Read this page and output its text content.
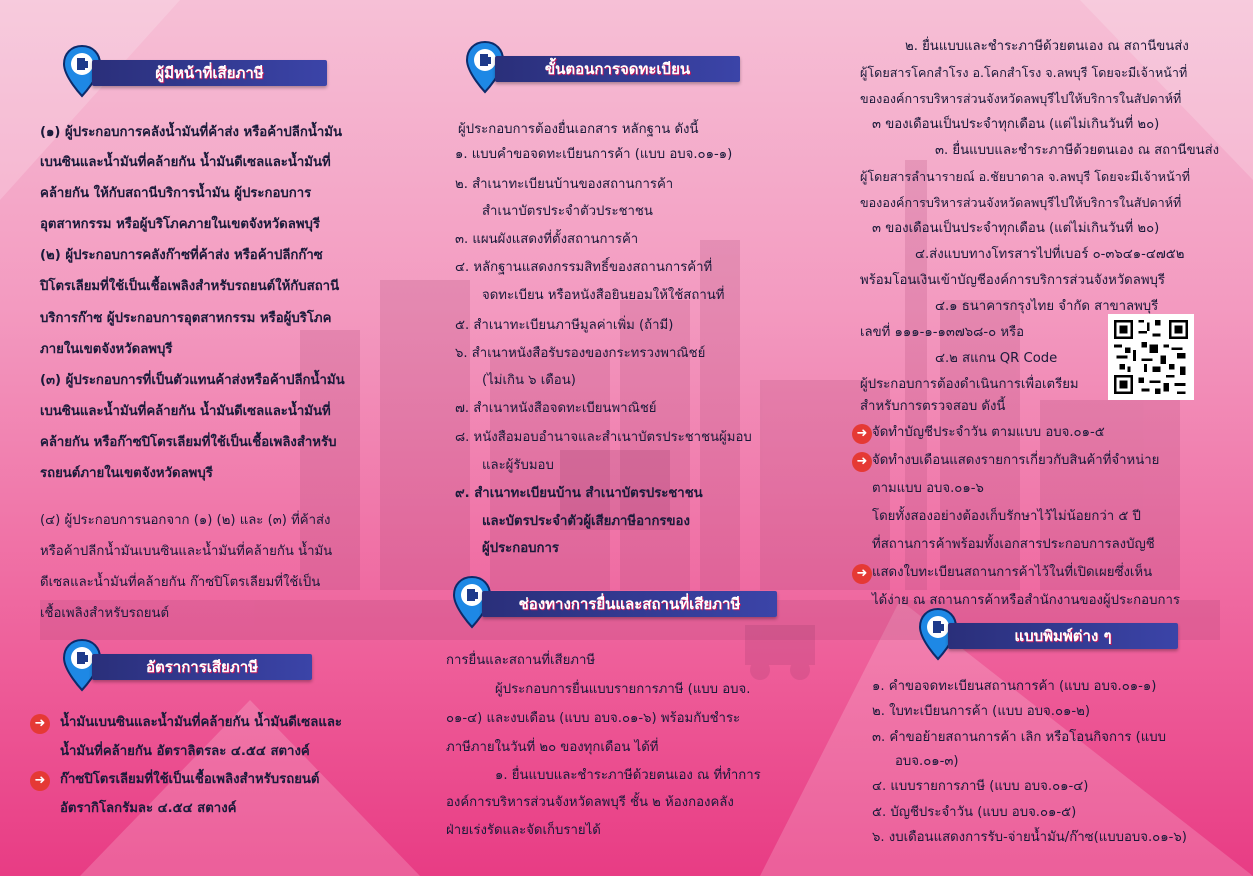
ผู้มีหน้าที่เสียภาษี
(๑) ผู้ประกอบการคลังน้ำมันที่ค้าส่ง หรือค้าปลีกน้ำมัน
เบนซินและน้ำมันที่คล้ายกัน น้ำมันดีเซลและน้ำมันที่
คล้ายกัน ให้กับสถานีบริการน้ำมัน ผู้ประกอบการ
อุตสาหกรรม หรือผู้บริโภคภายในเขตจังหวัดลพบุรี
(๒) ผู้ประกอบการคลังก๊าซที่ค้าส่ง หรือค้าปลีกก๊าซ
ปิโตรเลียมที่ใช้เป็นเชื้อเพลิงสำหรับรถยนต์ให้กับสถานี
บริการก๊าซ ผู้ประกอบการอุตสาหกรรม หรือผู้บริโภค
ภายในเขตจังหวัดลพบุรี
(๓) ผู้ประกอบการที่เป็นตัวแทนค้าส่งหรือค้าปลีกน้ำมัน
เบนซินและน้ำมันที่คล้ายกัน น้ำมันดีเซลและน้ำมันที่
คล้ายกัน หรือก๊าซปิโตรเลียมที่ใช้เป็นเชื้อเพลิงสำหรับ
รถยนต์ภายในเขตจังหวัดลพบุรี
(๔) ผู้ประกอบการนอกจาก (๑) (๒) และ (๓) ที่ค้าส่ง
หรือค้าปลีกน้ำมันเบนซินและน้ำมันที่คล้ายกัน น้ำมัน
ดีเซลและน้ำมันที่คล้ายกัน ก๊าซปิโตรเลียมที่ใช้เป็น
เชื้อเพลิงสำหรับรถยนต์
อัตราการเสียภาษี
➜	น้ำมันเบนซินและน้ำมันที่คล้ายกัน น้ำมันดีเซลและ
น้ำมันที่คล้ายกัน อัตราลิตรละ ๔.๕๔ สตางค์
➜	ก๊าซปิโตรเลียมที่ใช้เป็นเชื้อเพลิงสำหรับรถยนต์
อัตรากิโลกรัมละ ๔.๕๔ สตางค์
ขั้นตอนการจดทะเบียน
ผู้ประกอบการต้องยื่นเอกสาร หลักฐาน ดังนี้
๑. แบบคำขอจดทะเบียนการค้า (แบบ อบจ.๐๑-๑)
๒. สำเนาทะเบียนบ้านของสถานการค้า
สำเนาบัตรประจำตัวประชาชน
๓. แผนผังแสดงที่ตั้งสถานการค้า
๔. หลักฐานแสดงกรรมสิทธิ์ของสถานการค้าที่
จดทะเบียน หรือหนังสือยินยอมให้ใช้สถานที่
๕. สำเนาทะเบียนภาษีมูลค่าเพิ่ม (ถ้ามี)
๖. สำเนาหนังสือรับรองของกระทรวงพาณิชย์
(ไม่เกิน ๖ เดือน)
๗. สำเนาหนังสือจดทะเบียนพาณิชย์
๘. หนังสือมอบอำนาจและสำเนาบัตรประชาชนผู้มอบ
และผู้รับมอบ
๙. สำเนาทะเบียนบ้าน สำเนาบัตรประชาชน
และบัตรประจำตัวผู้เสียภาษีอากรของ
ผู้ประกอบการ
ช่องทางการยื่นและสถานที่เสียภาษี
การยื่นและสถานที่เสียภาษี
ผู้ประกอบการยื่นแบบรายการภาษี (แบบ อบจ.
๐๑-๔) และงบเดือน (แบบ อบจ.๐๑-๖) พร้อมกับชำระ
ภาษีภายในวันที่ ๒๐ ของทุกเดือน ได้ที่
๑. ยื่นแบบและชำระภาษีด้วยตนเอง ณ ที่ทำการ
องค์การบริหารส่วนจังหวัดลพบุรี ชั้น ๒ ห้องกองคลัง
ฝ่ายเร่งรัดและจัดเก็บรายได้
๒. ยื่นแบบและชำระภาษีด้วยตนเอง ณ สถานีขนส่ง
ผู้โดยสารโคกสำโรง อ.โคกสำโรง จ.ลพบุรี โดยจะมีเจ้าหน้าที่
ขององค์การบริหารส่วนจังหวัดลพบุรีไปให้บริการในสัปดาห์ที่
๓ ของเดือนเป็นประจำทุกเดือน (แต่ไม่เกินวันที่ ๒๐)
๓. ยื่นแบบและชำระภาษีด้วยตนเอง ณ สถานีขนส่ง
ผู้โดยสารลำนารายณ์ อ.ชัยบาดาล จ.ลพบุรี โดยจะมีเจ้าหน้าที่
ขององค์การบริหารส่วนจังหวัดลพบุรีไปให้บริการในสัปดาห์ที่
๓ ของเดือนเป็นประจำทุกเดือน (แต่ไม่เกินวันที่ ๒๐)
๔.ส่งแบบทางโทรสารไปที่เบอร์ ๐-๓๖๔๑-๔๗๕๒
พร้อมโอนเงินเข้าบัญชีองค์การบริการส่วนจังหวัดลพบุรี
๔.๑ ธนาคารกรุงไทย จำกัด สาขาลพบุรี
เลขที่ ๑๑๑-๑-๑๓๗๖๘-๐ หรือ
๔.๒ สแกน QR Code
ผู้ประกอบการต้องดำเนินการเพื่อเตรียม
สำหรับการตรวจสอบ ดังนี้
➜ จัดทำบัญชีประจำวัน ตามแบบ อบจ.๐๑-๕
➜ จัดทำงบเดือนแสดงรายการเกี่ยวกับสินค้าที่จำหน่าย
ตามแบบ อบจ.๐๑-๖
โดยทั้งสองอย่างต้องเก็บรักษาไว้ไม่น้อยกว่า ๕ ปี
ที่สถานการค้าพร้อมทั้งเอกสารประกอบการลงบัญชี
➜ แสดงใบทะเบียนสถานการค้าไว้ในที่เปิดเผยซึ่งเห็น
ได้ง่าย ณ สถานการค้าหรือสำนักงานของผู้ประกอบการ
แบบพิมพ์ต่าง ๆ
๑. คำขอจดทะเบียนสถานการค้า (แบบ อบจ.๐๑-๑)
๒. ใบทะเบียนการค้า (แบบ อบจ.๐๑-๒)
๓. คำขอย้ายสถานการค้า เลิก หรือโอนกิจการ (แบบ
อบจ.๐๑-๓)
๔. แบบรายการภาษี (แบบ อบจ.๐๑-๔)
๕. บัญชีประจำวัน (แบบ อบจ.๐๑-๕)
๖. งบเดือนแสดงการรับ-จ่ายน้ำมัน/ก๊าซ(แบบอบจ.๐๑-๖)
